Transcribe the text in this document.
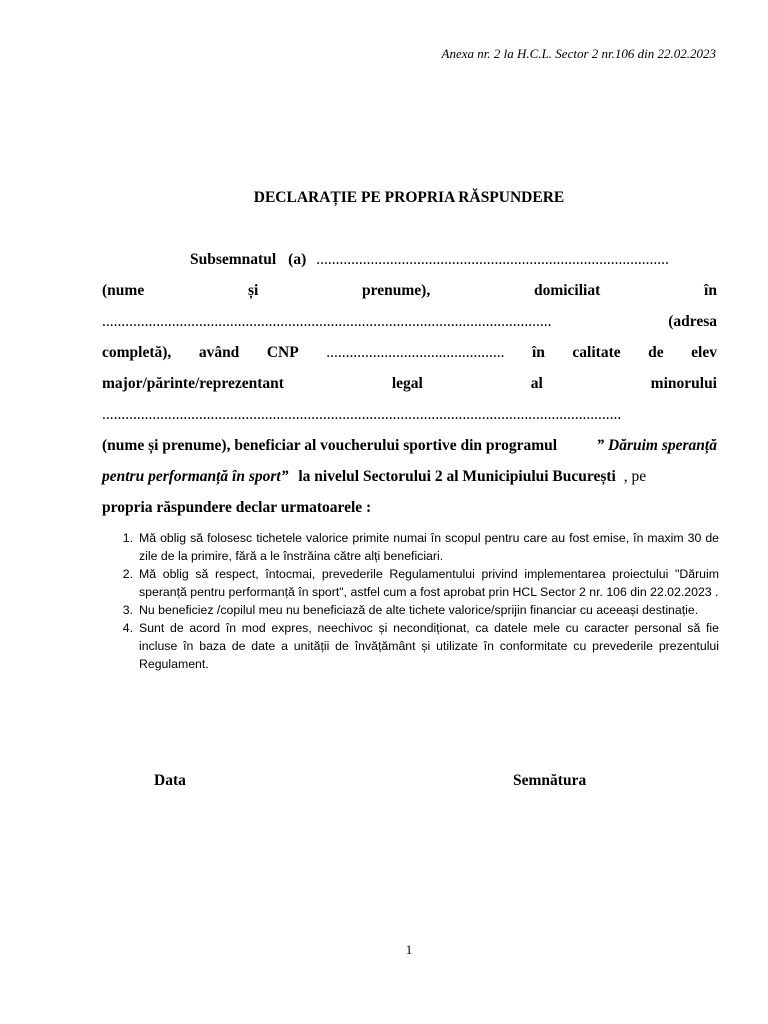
Anexa nr. 2 la H.C.L. Sector 2 nr.106 din 22.02.2023
DECLARAȚIE PE PROPRIA RĂSPUNDERE
Subsemnatul (a) ...........................................................................................
(nume	și	prenume),	domiciliat	în
....................................................................................................................	(adresa
completă), având CNP .............................................. în calitate de elev
major/părinte/reprezentant	legal	al	minorului
......................................................................................................................................
(nume și prenume), beneficiar al voucherului sportive din programul	” Dăruim speranță
pentru performanță în sport” la nivelul Sectorului 2 al Municipiului București , pe
propria răspundere declar urmatoarele :
1. Mă oblig să folosesc tichetele valorice primite numai în scopul pentru care au fost emise, în maxim 30 de zile de la primire, fără a le înstrăina către alți beneficiari.
2. Mă oblig să respect, întocmai, prevederile Regulamentului privind implementarea proiectului "Dăruim speranță pentru performanță în sport", astfel cum a fost aprobat prin HCL Sector 2 nr. 106 din 22.02.2023 .
3. Nu beneficiez /copilul meu nu beneficiază de alte tichete valorice/sprijin financiar cu aceeași destinație.
4. Sunt de acord în mod expres, neechivoc și necondiționat, ca datele mele cu caracter personal să fie incluse în baza de date a unității de învățământ și utilizate în conformitate cu prevederile prezentului Regulament.
Data	Semnătura
1
